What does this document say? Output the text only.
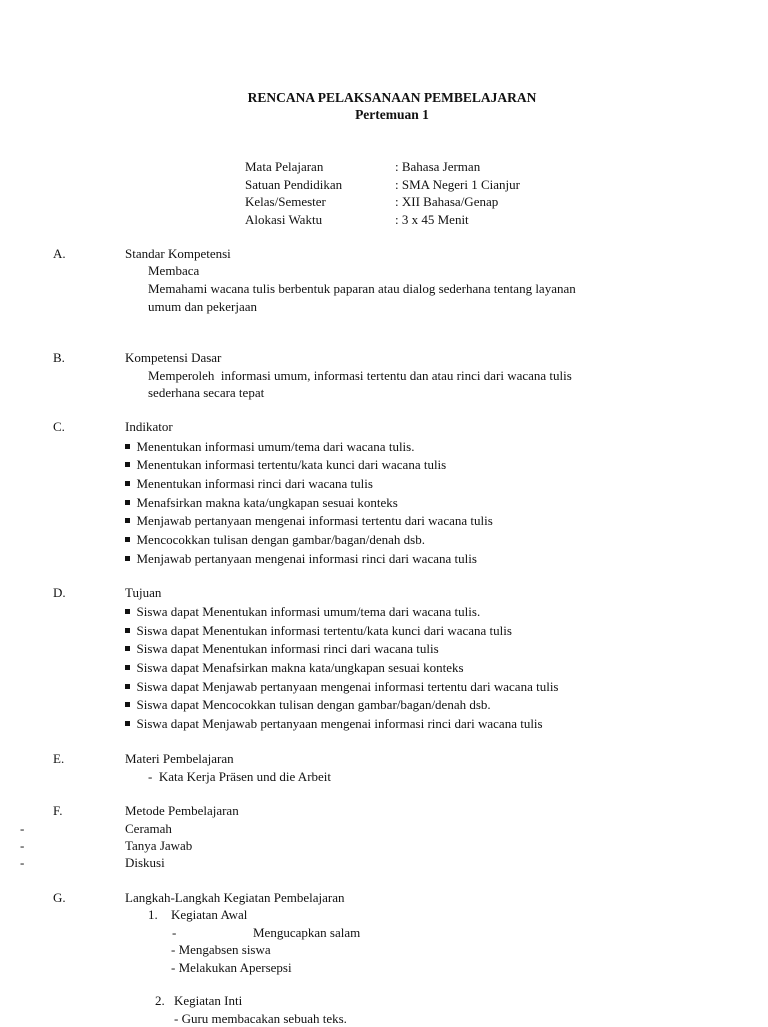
RENCANA PELAKSANAAN PEMBELAJARAN
Pertemuan 1
Mata Pelajaran	: Bahasa Jerman
Satuan Pendidikan	: SMA Negeri 1 Cianjur
Kelas/Semester	: XII Bahasa/Genap
Alokasi Waktu	: 3 x 45 Menit
A.	Standar Kompetensi
Membaca
Memahami wacana tulis berbentuk paparan atau dialog sederhana tentang layanan
umum dan pekerjaan
B.	Kompetensi Dasar
Memperoleh  informasi umum, informasi tertentu dan atau rinci dari wacana tulis
sederhana secara tepat
C.	Indikator
Menentukan informasi umum/tema dari wacana tulis.
Menentukan informasi tertentu/kata kunci dari wacana tulis
Menentukan informasi rinci dari wacana tulis
Menafsirkan makna kata/ungkapan sesuai konteks
Menjawab pertanyaan mengenai informasi tertentu dari wacana tulis
Mencocokkan tulisan dengan gambar/bagan/denah dsb.
Menjawab pertanyaan mengenai informasi rinci dari wacana tulis
D.	Tujuan
Siswa dapat Menentukan informasi umum/tema dari wacana tulis.
Siswa dapat Menentukan informasi tertentu/kata kunci dari wacana tulis
Siswa dapat Menentukan informasi rinci dari wacana tulis
Siswa dapat Menafsirkan makna kata/ungkapan sesuai konteks
Siswa dapat Menjawab pertanyaan mengenai informasi tertentu dari wacana tulis
Siswa dapat Mencocokkan tulisan dengan gambar/bagan/denah dsb.
Siswa dapat Menjawab pertanyaan mengenai informasi rinci dari wacana tulis
E.	Materi Pembelajaran
-  Kata Kerja Präsen und die Arbeit
F.	Metode Pembelajaran
-	Ceramah
-	Tanya Jawab
-	Diskusi
G.	Langkah-Langkah Kegiatan Pembelajaran
1. Kegiatan Awal
-	Mengucapkan salam
- Mengabsen siswa
- Melakukan Apersepsi
2. Kegiatan Inti
- Guru membacakan sebuah teks.
